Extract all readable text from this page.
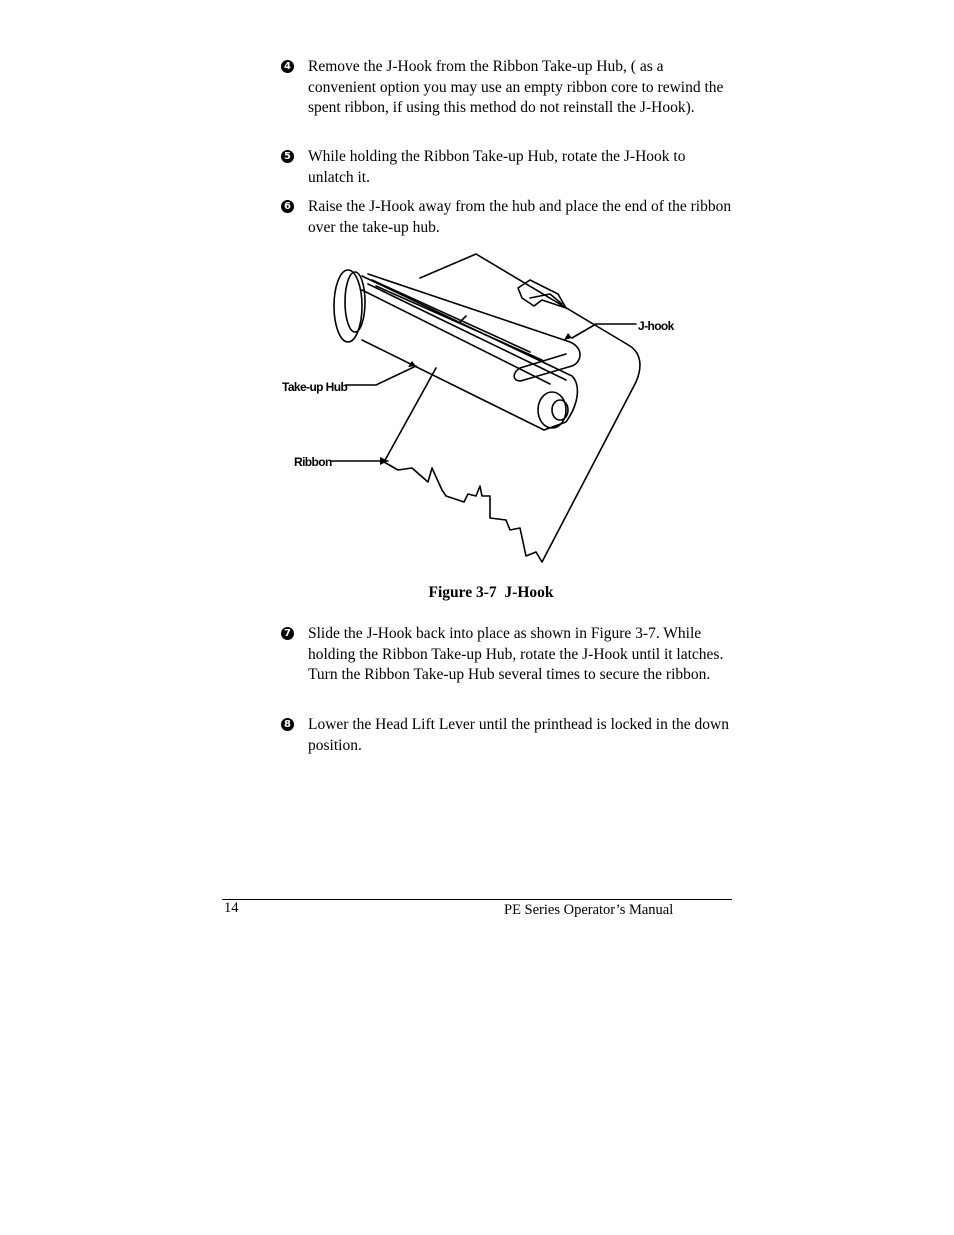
4 Remove the J-Hook from the Ribbon Take-up Hub, ( as a convenient option you may use an empty ribbon core to rewind the spent ribbon, if using this method do not reinstall the J-Hook).
5 While holding the Ribbon Take-up Hub, rotate the J-Hook to unlatch it.
6 Raise the J-Hook away from the hub and place the end of the ribbon over the take-up hub.
J-hook
Take-up Hub
Ribbon
Figure 3-7 J-Hook
7 Slide the J-Hook back into place as shown in Figure 3-7. While holding the Ribbon Take-up Hub, rotate the J-Hook until it latches. Turn the Ribbon Take-up Hub several times to secure the ribbon.
8 Lower the Head Lift Lever until the printhead is locked in the down position.
14	PE Series Operator’s Manual
